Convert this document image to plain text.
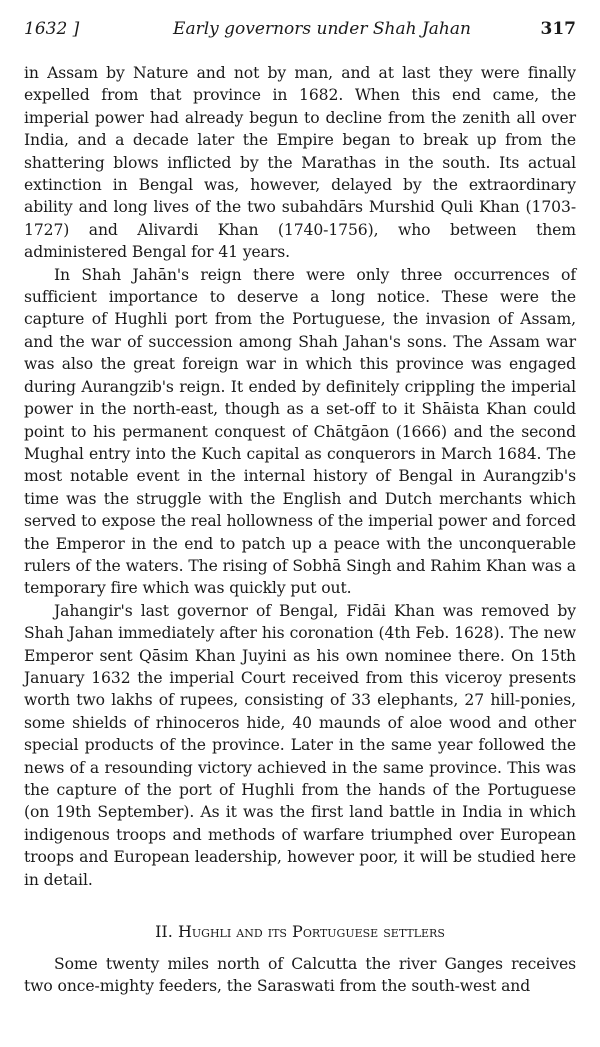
1632 ]	Early governors under Shah Jahan	317

in Assam by Nature and not by man, and at last they were finally expelled from that province in 1682. When this end came, the imperial power had already begun to decline from the zenith all over India, and a decade later the Empire began to break up from the shattering blows inflicted by the Marathas in the south. Its actual extinction in Bengal was, however, delayed by the extraordinary ability and long lives of the two subahdārs Murshid Quli Khan (1703-1727) and Alivardi Khan (1740-1756), who between them administered Bengal for 41 years.

In Shah Jahān's reign there were only three occurrences of sufficient importance to deserve a long notice. These were the capture of Hughli port from the Portuguese, the invasion of Assam, and the war of succession among Shah Jahan's sons. The Assam war was also the great foreign war in which this province was engaged during Aurangzib's reign. It ended by definitely crippling the imperial power in the north-east, though as a set-off to it Shāista Khan could point to his permanent conquest of Chātgāon (1666) and the second Mughal entry into the Kuch capital as conquerors in March 1684. The most notable event in the internal history of Bengal in Aurangzib's time was the struggle with the English and Dutch merchants which served to expose the real hollowness of the imperial power and forced the Emperor in the end to patch up a peace with the unconquerable rulers of the waters. The rising of Sobhā Singh and Rahim Khan was a temporary fire which was quickly put out.

Jahangir's last governor of Bengal, Fidāi Khan was removed by Shah Jahan immediately after his coronation (4th Feb. 1628). The new Emperor sent Qāsim Khan Juyini as his own nominee there. On 15th January 1632 the imperial Court received from this viceroy presents worth two lakhs of rupees, consisting of 33 elephants, 27 hill-ponies, some shields of rhinoceros hide, 40 maunds of aloe wood and other special products of the province. Later in the same year followed the news of a resounding victory achieved in the same province. This was the capture of the port of Hughli from the hands of the Portuguese (on 19th September). As it was the first land battle in India in which indigenous troops and methods of warfare triumphed over European troops and European leadership, however poor, it will be studied here in detail.

II. Hughli and its Portuguese settlers

Some twenty miles north of Calcutta the river Ganges receives two once-mighty feeders, the Saraswati from the south-west and
